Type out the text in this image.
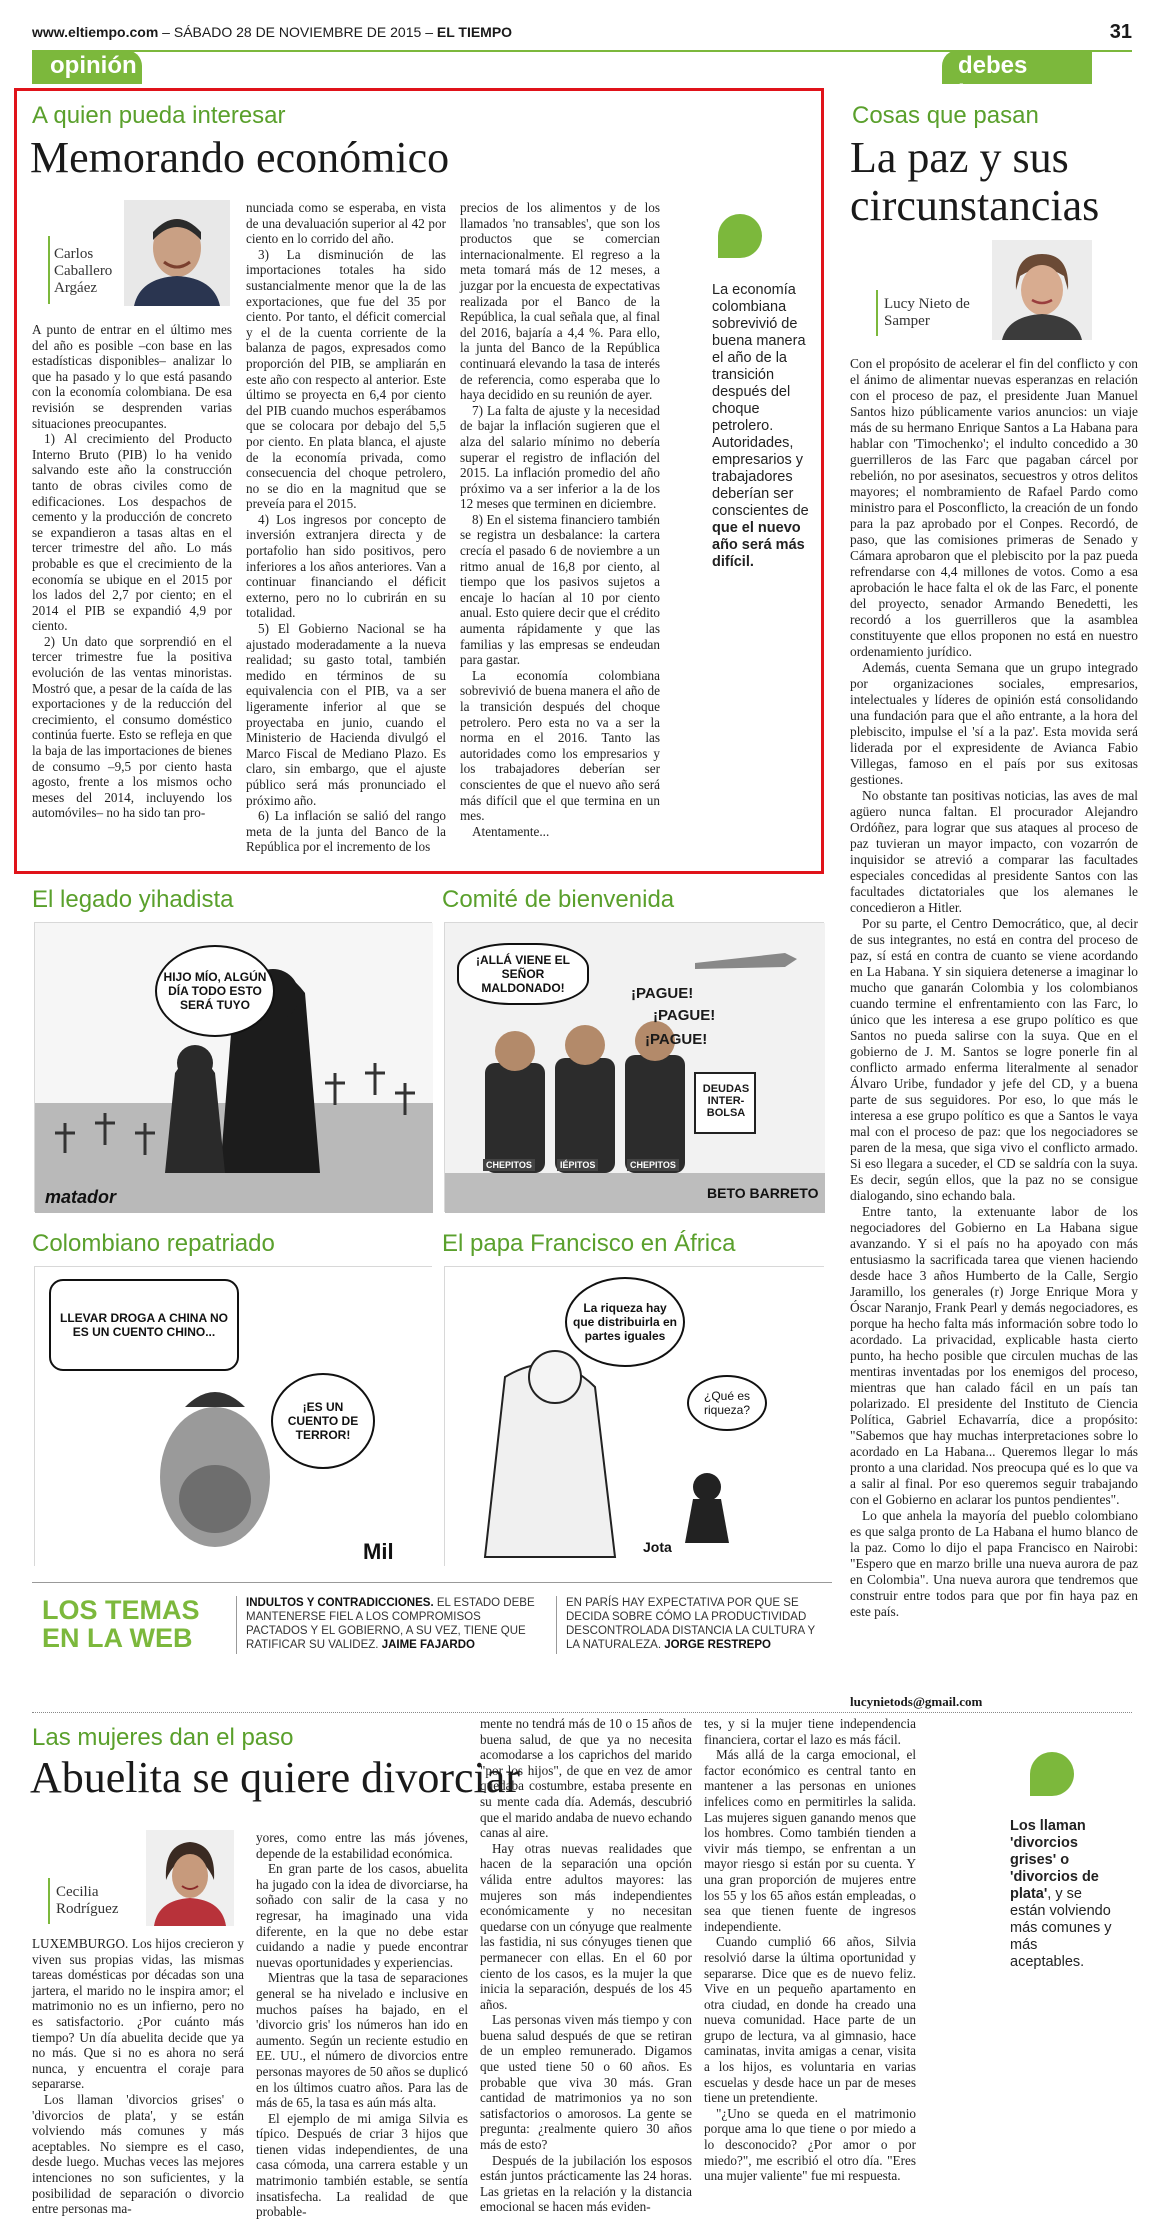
www.eltiempo.com – SÁBADO 28 DE NOVIEMBRE DE 2015 – EL TIEMPO	31
opinión	debes leer
A quien pueda interesar
Memorando económico
Carlos Caballero Argáez

A punto de entrar en el último mes del año es posible –con base en las estadísticas disponibles– analizar lo que ha pasado y lo que está pasando con la economía colombiana. De esa revisión se desprenden varias situaciones preocupantes.

1) Al crecimiento del Producto Interno Bruto (PIB) lo ha venido salvando este año la construcción tanto de obras civiles como de edificaciones. Los despachos de cemento y la producción de concreto se expandieron a tasas altas en el tercer trimestre del año. Lo más probable es que el crecimiento de la economía se ubique en el 2015 por los lados del 2,7 por ciento; en el 2014 el PIB se expandió 4,9 por ciento.

2) Un dato que sorprendió en el tercer trimestre fue la positiva evolución de las ventas minoristas. Mostró que, a pesar de la caída de las exportaciones y de la reducción del crecimiento, el consumo doméstico continúa fuerte. Esto se refleja en que la baja de las importaciones de bienes de consumo –9,5 por ciento hasta agosto, frente a los mismos ocho meses del 2014, incluyendo los automóviles– no ha sido tan pro-

nunciada como se esperaba, en vista de una devaluación superior al 42 por ciento en lo corrido del año.

3) La disminución de las importaciones totales ha sido sustancialmente menor que la de las exportaciones, que fue del 35 por ciento. Por tanto, el déficit comercial y el de la cuenta corriente de la balanza de pagos, expresados como proporción del PIB, se ampliarán en este año con respecto al anterior. Este último se proyecta en 6,4 por ciento del PIB cuando muchos esperábamos que se colocara por debajo del 5,5 por ciento. En plata blanca, el ajuste de la economía privada, como consecuencia del choque petrolero, no se dio en la magnitud que se preveía para el 2015.

4) Los ingresos por concepto de inversión extranjera directa y de portafolio han sido positivos, pero inferiores a los años anteriores. Van a continuar financiando el déficit externo, pero no lo cubrirán en su totalidad.

5) El Gobierno Nacional se ha ajustado moderadamente a la nueva realidad; su gasto total, también medido en términos de su equivalencia con el PIB, va a ser ligeramente inferior al que se proyectaba en junio, cuando el Ministerio de Hacienda divulgó el Marco Fiscal de Mediano Plazo. Es claro, sin embargo, que el ajuste público será más pronunciado el próximo año.

6) La inflación se salió del rango meta de la junta del Banco de la República por el incremento de los

precios de los alimentos y de los llamados 'no transables', que son los productos que se comercian internacionalmente. El regreso a la meta tomará más de 12 meses, a juzgar por la encuesta de expectativas realizada por el Banco de la República, la cual señala que, al final del 2016, bajaría a 4,4 %. Para ello, la junta del Banco de la República continuará elevando la tasa de interés de referencia, como esperaba que lo haya decidido en su reunión de ayer.

7) La falta de ajuste y la necesidad de bajar la inflación sugieren que el alza del salario mínimo no debería superar el registro de inflación del 2015. La inflación promedio del año próximo va a ser inferior a la de los 12 meses que terminen en diciembre.

8) En el sistema financiero también se registra un desbalance: la cartera crecía el pasado 6 de noviembre a un ritmo anual de 16,8 por ciento, al tiempo que los pasivos sujetos a encaje lo hacían al 10 por ciento anual. Esto quiere decir que el crédito aumenta rápidamente y que las familias y las empresas se endeudan para gastar.

La economía colombiana sobrevivió de buena manera el año de la transición después del choque petrolero. Pero esta no va a ser la norma en el 2016. Tanto las autoridades como los empresarios y los trabajadores deberían ser conscientes de que el nuevo año será más difícil que el que termina en un mes.

Atentamente...

La economía colombiana sobrevivió de buena manera el año de la transición después del choque petrolero. Autoridades, empresarios y trabajadores deberían ser conscientes de que el nuevo año será más difícil.
Cosas que pasan
La paz y sus
circunstancias
Lucy Nieto de Samper

Con el propósito de acelerar el fin del conflicto y con el ánimo de alimentar nuevas esperanzas en relación con el proceso de paz, el presidente Juan Manuel Santos hizo públicamente varios anuncios: un viaje más de su hermano Enrique Santos a La Habana para hablar con 'Timochenko'; el indulto concedido a 30 guerrilleros de las Farc que pagaban cárcel por rebelión, no por asesinatos, secuestros y otros delitos mayores; el nombramiento de Rafael Pardo como ministro para el Posconflicto, la creación de un fondo para la paz aprobado por el Conpes. Recordó, de paso, que las comisiones primeras de Senado y Cámara aprobaron que el plebiscito por la paz pueda refrendarse con 4,4 millones de votos. Como a esa aprobación le hace falta el ok de las Farc, el ponente del proyecto, senador Armando Benedetti, les recordó a los guerrilleros que la asamblea constituyente que ellos proponen no está en nuestro ordenamiento jurídico.

Además, cuenta Semana que un grupo integrado por organizaciones sociales, empresarios, intelectuales y líderes de opinión está consolidando una fundación para que el año entrante, a la hora del plebiscito, impulse el 'sí a la paz'. Esta movida será liderada por el expresidente de Avianca Fabio Villegas, famoso en el país por sus exitosas gestiones.

No obstante tan positivas noticias, las aves de mal agüero nunca faltan. El procurador Alejandro Ordóñez, para lograr que sus ataques al proceso de paz tuvieran un mayor impacto, con vozarrón de inquisidor se atrevió a comparar las facultades especiales concedidas al presidente Santos con las facultades dictatoriales que los alemanes le concedieron a Hitler.

Por su parte, el Centro Democrático, que, al decir de sus integrantes, no está en contra del proceso de paz, sí está en contra de cuanto se viene acordando en La Habana. Y sin siquiera detenerse a imaginar lo mucho que ganarán Colombia y los colombianos cuando termine el enfrentamiento con las Farc, lo único que les interesa a ese grupo político es que Santos no pueda salirse con la suya. Que en el gobierno de J. M. Santos se logre ponerle fin al conflicto armado enferma literalmente al senador Álvaro Uribe, fundador y jefe del CD, y a buena parte de sus seguidores. Por eso, lo que más le interesa a ese grupo político es que a Santos le vaya mal con el proceso de paz: que los negociadores se paren de la mesa, que siga vivo el conflicto armado. Si eso llegara a suceder, el CD se saldría con la suya. Es decir, según ellos, que la paz no se consigue dialogando, sino echando bala.

Entre tanto, la extenuante labor de los negociadores del Gobierno en La Habana sigue avanzando. Y si el país no ha apoyado con más entusiasmo la sacrificada tarea que vienen haciendo desde hace 3 años Humberto de la Calle, Sergio Jaramillo, los generales (r) Jorge Enrique Mora y Óscar Naranjo, Frank Pearl y demás negociadores, es porque ha hecho falta más información sobre todo lo acordado. La privacidad, explicable hasta cierto punto, ha hecho posible que circulen muchas de las mentiras inventadas por los enemigos del proceso, mientras que han calado fácil en un país tan polarizado. El presidente del Instituto de Ciencia Política, Gabriel Echavarría, dice a propósito: "Sabemos que hay muchas interpretaciones sobre lo acordado en La Habana... Queremos llegar lo más pronto a una claridad. Nos preocupa qué es lo que va a salir al final. Por eso queremos seguir trabajando con el Gobierno en aclarar los puntos pendientes".

Lo que anhela la mayoría del pueblo colombiano es que salga pronto de La Habana el humo blanco de la paz. Como lo dijo el papa Francisco en Nairobi: "Espero que en marzo brille una nueva aurora de paz en Colombia". Una nueva aurora que tendremos que construir entre todos para que por fin haya paz en este país.

lucynietods@gmail.com
El legado yihadista
HIJO MÍO, ALGÚN DÍA TODO ESTO SERÁ TUYO
matador
Comité de bienvenida
¡ALLÁ VIENE EL SEÑOR MALDONADO!	¡PAGUE!
¡PAGUE!
¡PAGUE!
DEUDAS INTER-BOLSA
CHEPITOS	IÉPITOS	CHEPITOS
BETO BARRETO
Colombiano repatriado
LLEVAR DROGA A CHINA NO ES UN CUENTO CHINO...
¡ES UN CUENTO DE TERROR!
Mil
El papa Francisco en África
La riqueza hay que distribuirla en partes iguales
¿Qué es riqueza?
Jota
LOS TEMAS
EN LA WEB
INDULTOS Y CONTRADICCIONES. EL ESTADO DEBE MANTENERSE FIEL A LOS COMPROMISOS PACTADOS Y EL GOBIERNO, A SU VEZ, TIENE QUE RATIFICAR SU VALIDEZ. JAIME FAJARDO
EN PARÍS HAY EXPECTATIVA POR QUE SE DECIDA SOBRE CÓMO LA PRODUCTIVIDAD DESCONTROLADA DISTANCIA LA CULTURA Y LA NATURALEZA. JORGE RESTREPO
Las mujeres dan el paso
Abuelita se quiere divorciar
Cecilia Rodríguez

LUXEMBURGO. Los hijos crecieron y viven sus propias vidas, las mismas tareas domésticas por décadas son una jartera, el marido no le inspira amor; el matrimonio no es un infierno, pero no es satisfactorio. ¿Por cuánto más tiempo? Un día abuelita decide que ya no más. Que si no es ahora no será nunca, y encuentra el coraje para separarse.

Los llaman 'divorcios grises' o 'divorcios de plata', y se están volviendo más comunes y más aceptables. No siempre es el caso, desde luego. Muchas veces las mejores intenciones no son suficientes, y la posibilidad de separación o divorcio entre personas ma-

yores, como entre las más jóvenes, depende de la estabilidad económica.

En gran parte de los casos, abuelita ha jugado con la idea de divorciarse, ha soñado con salir de la casa y no regresar, ha imaginado una vida diferente, en la que no debe estar cuidando a nadie y puede encontrar nuevas oportunidades y experiencias.

Mientras que la tasa de separaciones general se ha nivelado e inclusive en muchos países ha bajado, en el 'divorcio gris' los números han ido en aumento. Según un reciente estudio en EE. UU., el número de divorcios entre personas mayores de 50 años se duplicó en los últimos cuatro años. Para las de más de 65, la tasa es aún más alta.

El ejemplo de mi amiga Silvia es típico. Después de criar 3 hijos que tienen vidas independientes, de una casa cómoda, una carrera estable y un matrimonio también estable, se sentía insatisfecha. La realidad de que probable-

mente no tendrá más de 10 o 15 años de buena salud, de que ya no necesita acomodarse a los caprichos del marido "por los hijos", de que en vez de amor quedaba costumbre, estaba presente en su mente cada día. Además, descubrió que el marido andaba de nuevo echando canas al aire.

Hay otras nuevas realidades que hacen de la separación una opción válida entre adultos mayores: las mujeres son más independientes económicamente y no necesitan quedarse con un cónyuge que realmente las fastidia, ni sus cónyuges tienen que permanecer con ellas. En el 60 por ciento de los casos, es la mujer la que inicia la separación, después de los 45 años.

Las personas viven más tiempo y con buena salud después de que se retiran de un empleo remunerado. Digamos que usted tiene 50 o 60 años. Es probable que viva 30 más. Gran cantidad de matrimonios ya no son satisfactorios o amorosos. La gente se pregunta: ¿realmente quiero 30 años más de esto?

Después de la jubilación los esposos están juntos prácticamente las 24 horas. Las grietas en la relación y la distancia emocional se hacen más eviden-

tes, y si la mujer tiene independencia financiera, cortar el lazo es más fácil.

Más allá de la carga emocional, el factor económico es central tanto en mantener a las personas en uniones infelices como en permitirles la salida. Las mujeres siguen ganando menos que los hombres. Como también tienden a vivir más tiempo, se enfrentan a un mayor riesgo si están por su cuenta. Y una gran proporción de mujeres entre los 55 y los 65 años están empleadas, o sea que tienen fuente de ingresos independiente.

Cuando cumplió 66 años, Silvia resolvió darse la última oportunidad y separarse. Dice que es de nuevo feliz. Vive en un pequeño apartamento en otra ciudad, en donde ha creado una nueva comunidad. Hace parte de un grupo de lectura, va al gimnasio, hace caminatas, invita amigas a cenar, visita a los hijos, es voluntaria en varias escuelas y desde hace un par de meses tiene un pretendiente.

"¿Uno se queda en el matrimonio porque ama lo que tiene o por miedo a lo desconocido? ¿Por amor o por miedo?", me escribió el otro día. "Eres una mujer valiente" fue mi respuesta.

Los llaman 'divorcios grises' o 'divorcios de plata', y se están volviendo más comunes y más aceptables.
